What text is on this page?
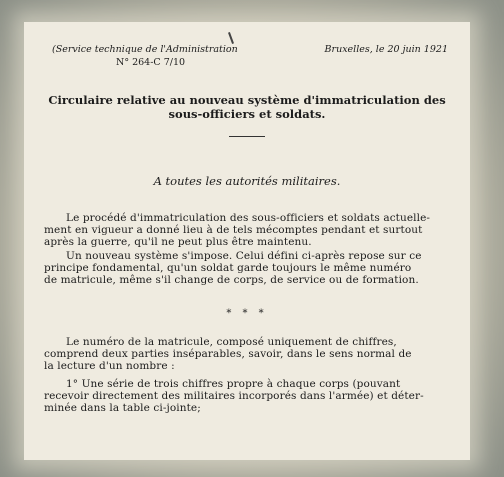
(Service technique de l'Administration
N° 264-C 7/10
Bruxelles, le 20 juin 1921
Circulaire relative au nouveau système d'immatriculation des
sous-officiers et soldats.
A toutes les autorités militaires.
Le procédé d'immatriculation des sous-officiers et soldats actuelle-
ment en vigueur a donné lieu à de tels mécomptes pendant et surtout
après la guerre, qu'il ne peut plus être maintenu.
Un nouveau système s'impose. Celui défini ci-après repose sur ce
principe fondamental, qu'un soldat garde toujours le même numéro
de matricule, même s'il change de corps, de service ou de formation.
* * *
Le numéro de la matricule, composé uniquement de chiffres,
comprend deux parties inséparables, savoir, dans le sens normal de
la lecture d'un nombre :
1° Une série de trois chiffres propre à chaque corps (pouvant
recevoir directement des militaires incorporés dans l'armée) et déter-
minée dans la table ci-jointe;
